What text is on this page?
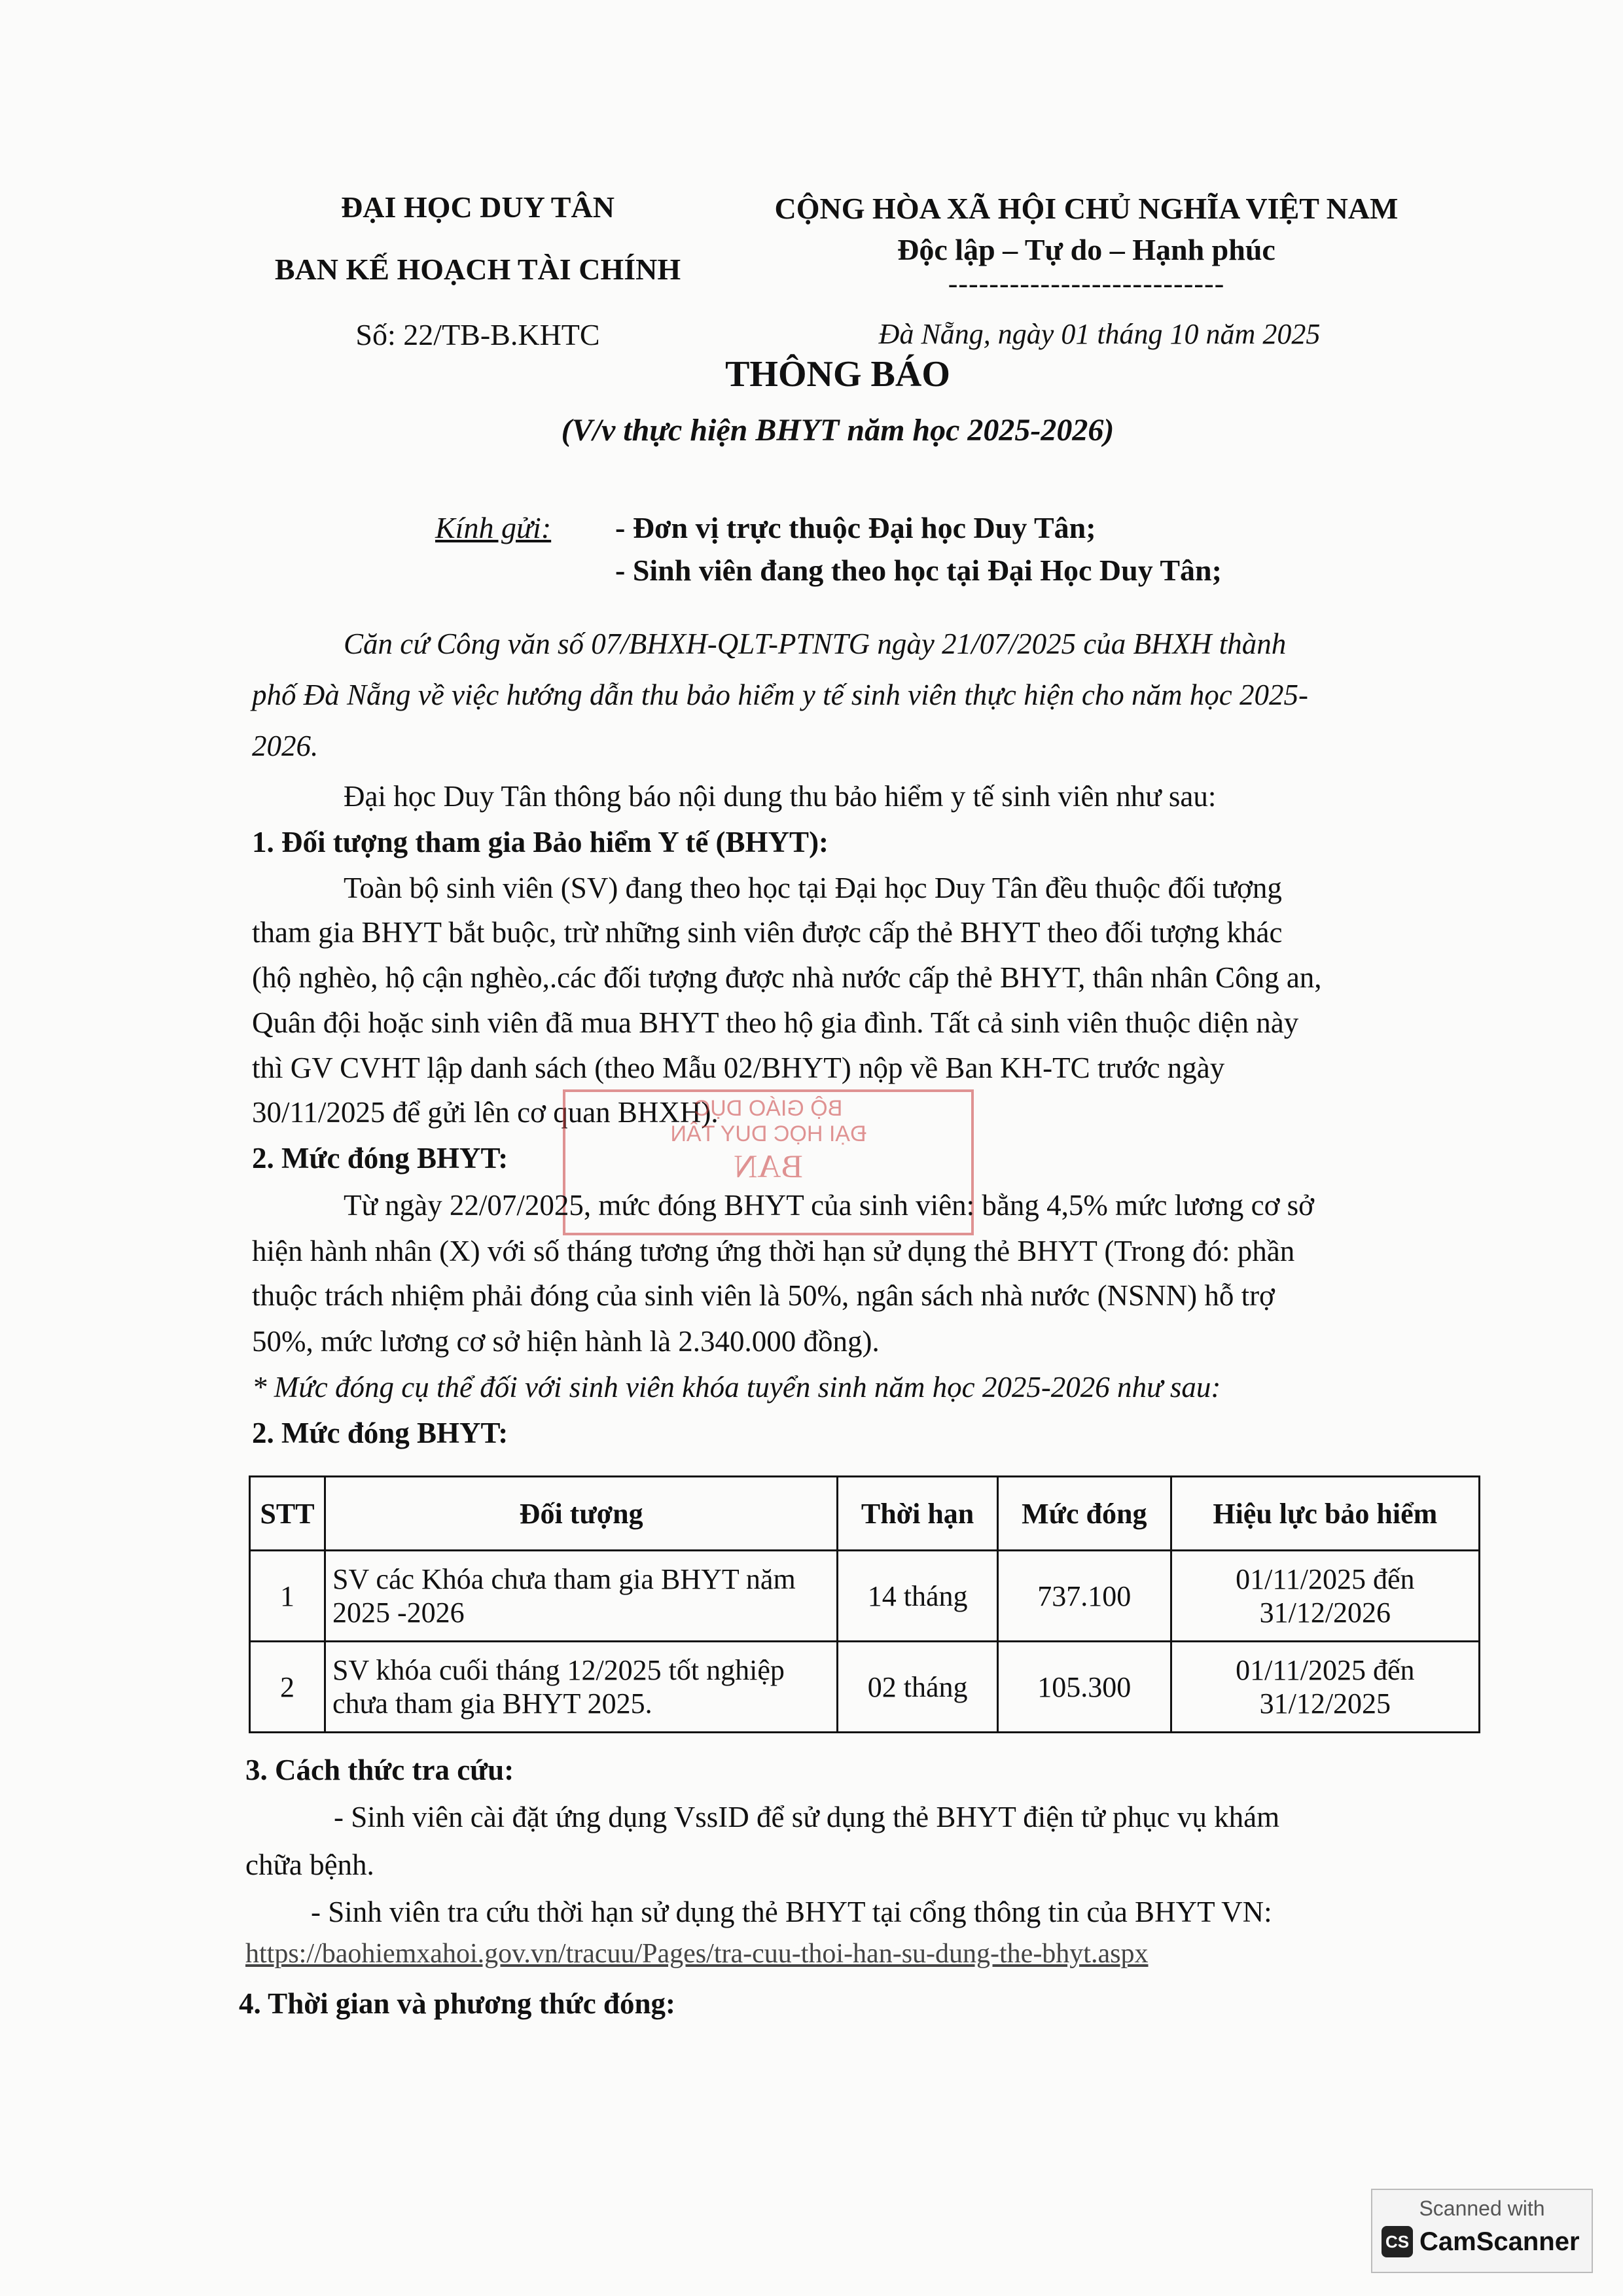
ĐẠI HỌC DUY TÂN
BAN KẾ HOẠCH TÀI CHÍNH
Số: 22/TB-B.KHTC
CỘNG HÒA XÃ HỘI CHỦ NGHĨA VIỆT NAM
Độc lập – Tự do – Hạnh phúc
---------------------------
Đà Nẵng, ngày 01 tháng 10 năm 2025
THÔNG BÁO
(V/v thực hiện BHYT năm học 2025-2026)
Kính gửi: - Đơn vị trực thuộc Đại học Duy Tân;
- Sinh viên đang theo học tại Đại Học Duy Tân;
Căn cứ Công văn số 07/BHXH-QLT-PTNTG ngày 21/07/2025 của BHXH thành
phố Đà Nẵng về việc hướng dẫn thu bảo hiểm y tế sinh viên thực hiện cho năm học 2025-
2026.
Đại học Duy Tân thông báo nội dung thu bảo hiểm y tế sinh viên như sau:
1. Đối tượng tham gia Bảo hiểm Y tế (BHYT):
Toàn bộ sinh viên (SV) đang theo học tại Đại học Duy Tân đều thuộc đối tượng
tham gia BHYT bắt buộc, trừ những sinh viên được cấp thẻ BHYT theo đối tượng khác
(hộ nghèo, hộ cận nghèo,.các đối tượng được nhà nước cấp thẻ BHYT, thân nhân Công an,
Quân đội hoặc sinh viên đã mua BHYT theo hộ gia đình. Tất cả sinh viên thuộc diện này
thì GV CVHT lập danh sách (theo Mẫu 02/BHYT) nộp về Ban KH-TC trước ngày
30/11/2025 để gửi lên cơ quan BHXH).
BỘ GIÁO DỤC
ĐẠI HỌC DUY TÂN
BAN
2. Mức đóng BHYT:
Từ ngày 22/07/2025, mức đóng BHYT của sinh viên: bằng 4,5% mức lương cơ sở
hiện hành nhân (X) với số tháng tương ứng thời hạn sử dụng thẻ BHYT (Trong đó: phần
thuộc trách nhiệm phải đóng của sinh viên là 50%, ngân sách nhà nước (NSNN) hỗ trợ
50%, mức lương cơ sở hiện hành là 2.340.000 đồng).
* Mức đóng cụ thể đối với sinh viên khóa tuyển sinh năm học 2025-2026 như sau:
2. Mức đóng BHYT:
STT	Đối tượng	Thời hạn	Mức đóng	Hiệu lực bảo hiểm
1	SV các Khóa chưa tham gia BHYT năm 2025 -2026	14 tháng	737.100	01/11/2025 đến 31/12/2026
2	SV khóa cuối tháng 12/2025 tốt nghiệp chưa tham gia BHYT 2025.	02 tháng	105.300	01/11/2025 đến 31/12/2025
3. Cách thức tra cứu:
- Sinh viên cài đặt ứng dụng VssID để sử dụng thẻ BHYT điện tử phục vụ khám
chữa bệnh.
- Sinh viên tra cứu thời hạn sử dụng thẻ BHYT tại cổng thông tin của BHYT VN:
https://baohiemxahoi.gov.vn/tracuu/Pages/tra-cuu-thoi-han-su-dung-the-bhyt.aspx
4. Thời gian và phương thức đóng:
Scanned with
CS CamScanner
